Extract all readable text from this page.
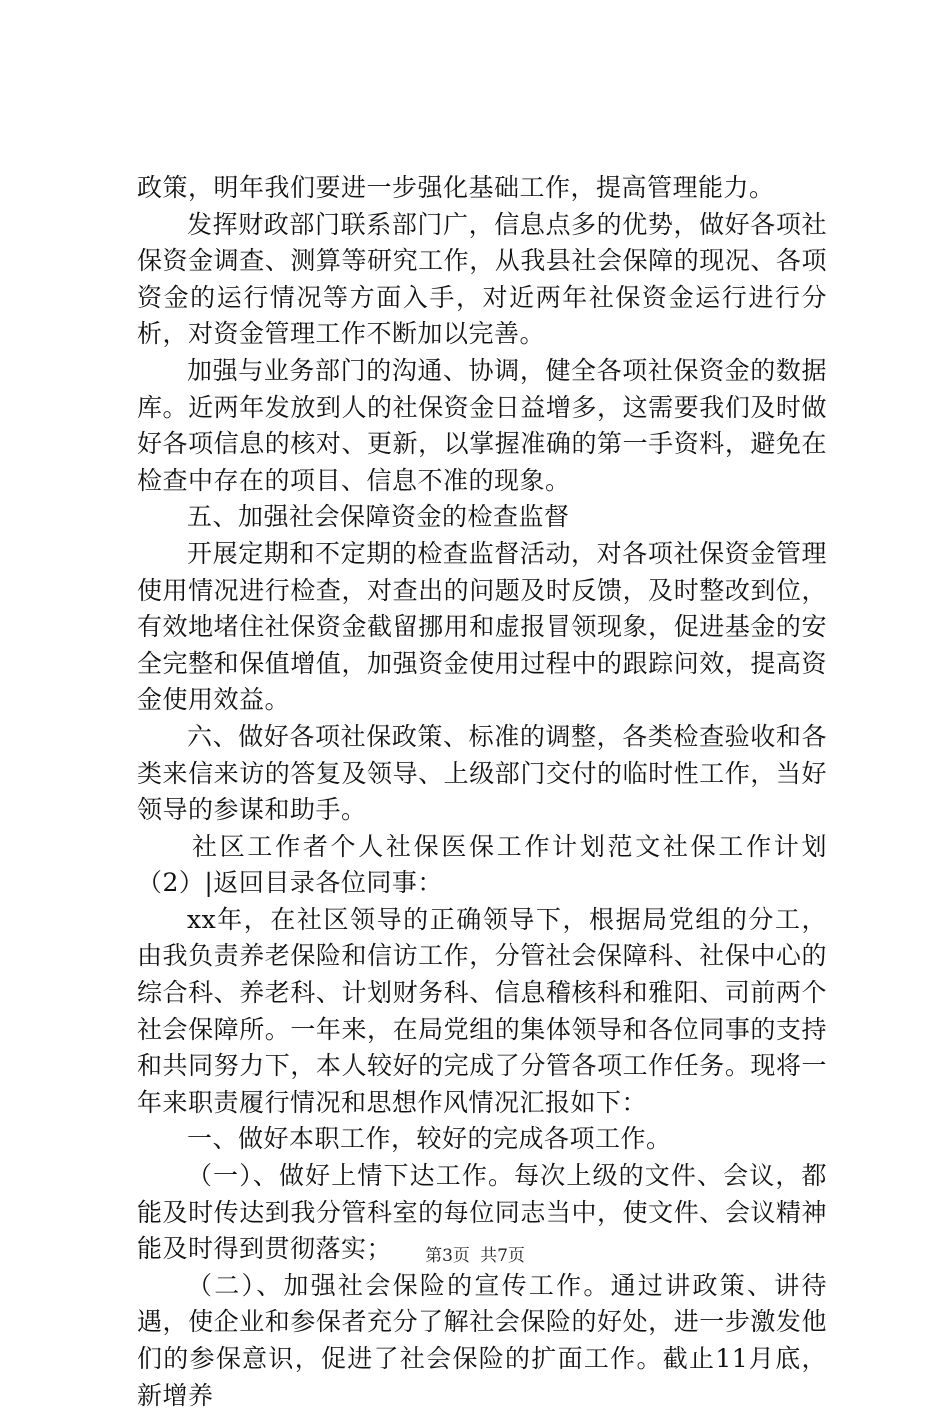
政策，明年我们要进一步强化基础工作，提高管理能力。

发挥财政部门联系部门广，信息点多的优势，做好各项社保资金调查、测算等研究工作，从我县社会保障的现况、各项资金的运行情况等方面入手，对近两年社保资金运行进行分析，对资金管理工作不断加以完善。

加强与业务部门的沟通、协调，健全各项社保资金的数据库。近两年发放到人的社保资金日益增多，这需要我们及时做好各项信息的核对、更新，以掌握准确的第一手资料，避免在检查中存在的项目、信息不准的现象。

五、加强社会保障资金的检查监督

开展定期和不定期的检查监督活动，对各项社保资金管理使用情况进行检查，对查出的问题及时反馈，及时整改到位，有效地堵住社保资金截留挪用和虚报冒领现象，促进基金的安全完整和保值增值，加强资金使用过程中的跟踪问效，提高资金使用效益。

六、做好各项社保政策、标准的调整，各类检查验收和各类来信来访的答复及领导、上级部门交付的临时性工作，当好领导的参谋和助手。

社区工作者个人社保医保工作计划范文社保工作计划（2）|返回目录各位同事：

xx年，在社区领导的正确领导下，根据局党组的分工，由我负责养老保险和信访工作，分管社会保障科、社保中心的综合科、养老科、计划财务科、信息稽核科和雅阳、司前两个社会保障所。一年来，在局党组的集体领导和各位同事的支持和共同努力下，本人较好的完成了分管各项工作任务。现将一年来职责履行情况和思想作风情况汇报如下：

一、做好本职工作，较好的完成各项工作。

（一）、做好上情下达工作。每次上级的文件、会议，都能及时传达到我分管科室的每位同志当中，使文件、会议精神能及时得到贯彻落实；

（二）、加强社会保险的宣传工作。通过讲政策、讲待遇，使企业和参保者充分了解社会保险的好处，进一步激发他们的参保意识，促进了社会保险的扩面工作。截止11月底，新增养

第3页 共7页
